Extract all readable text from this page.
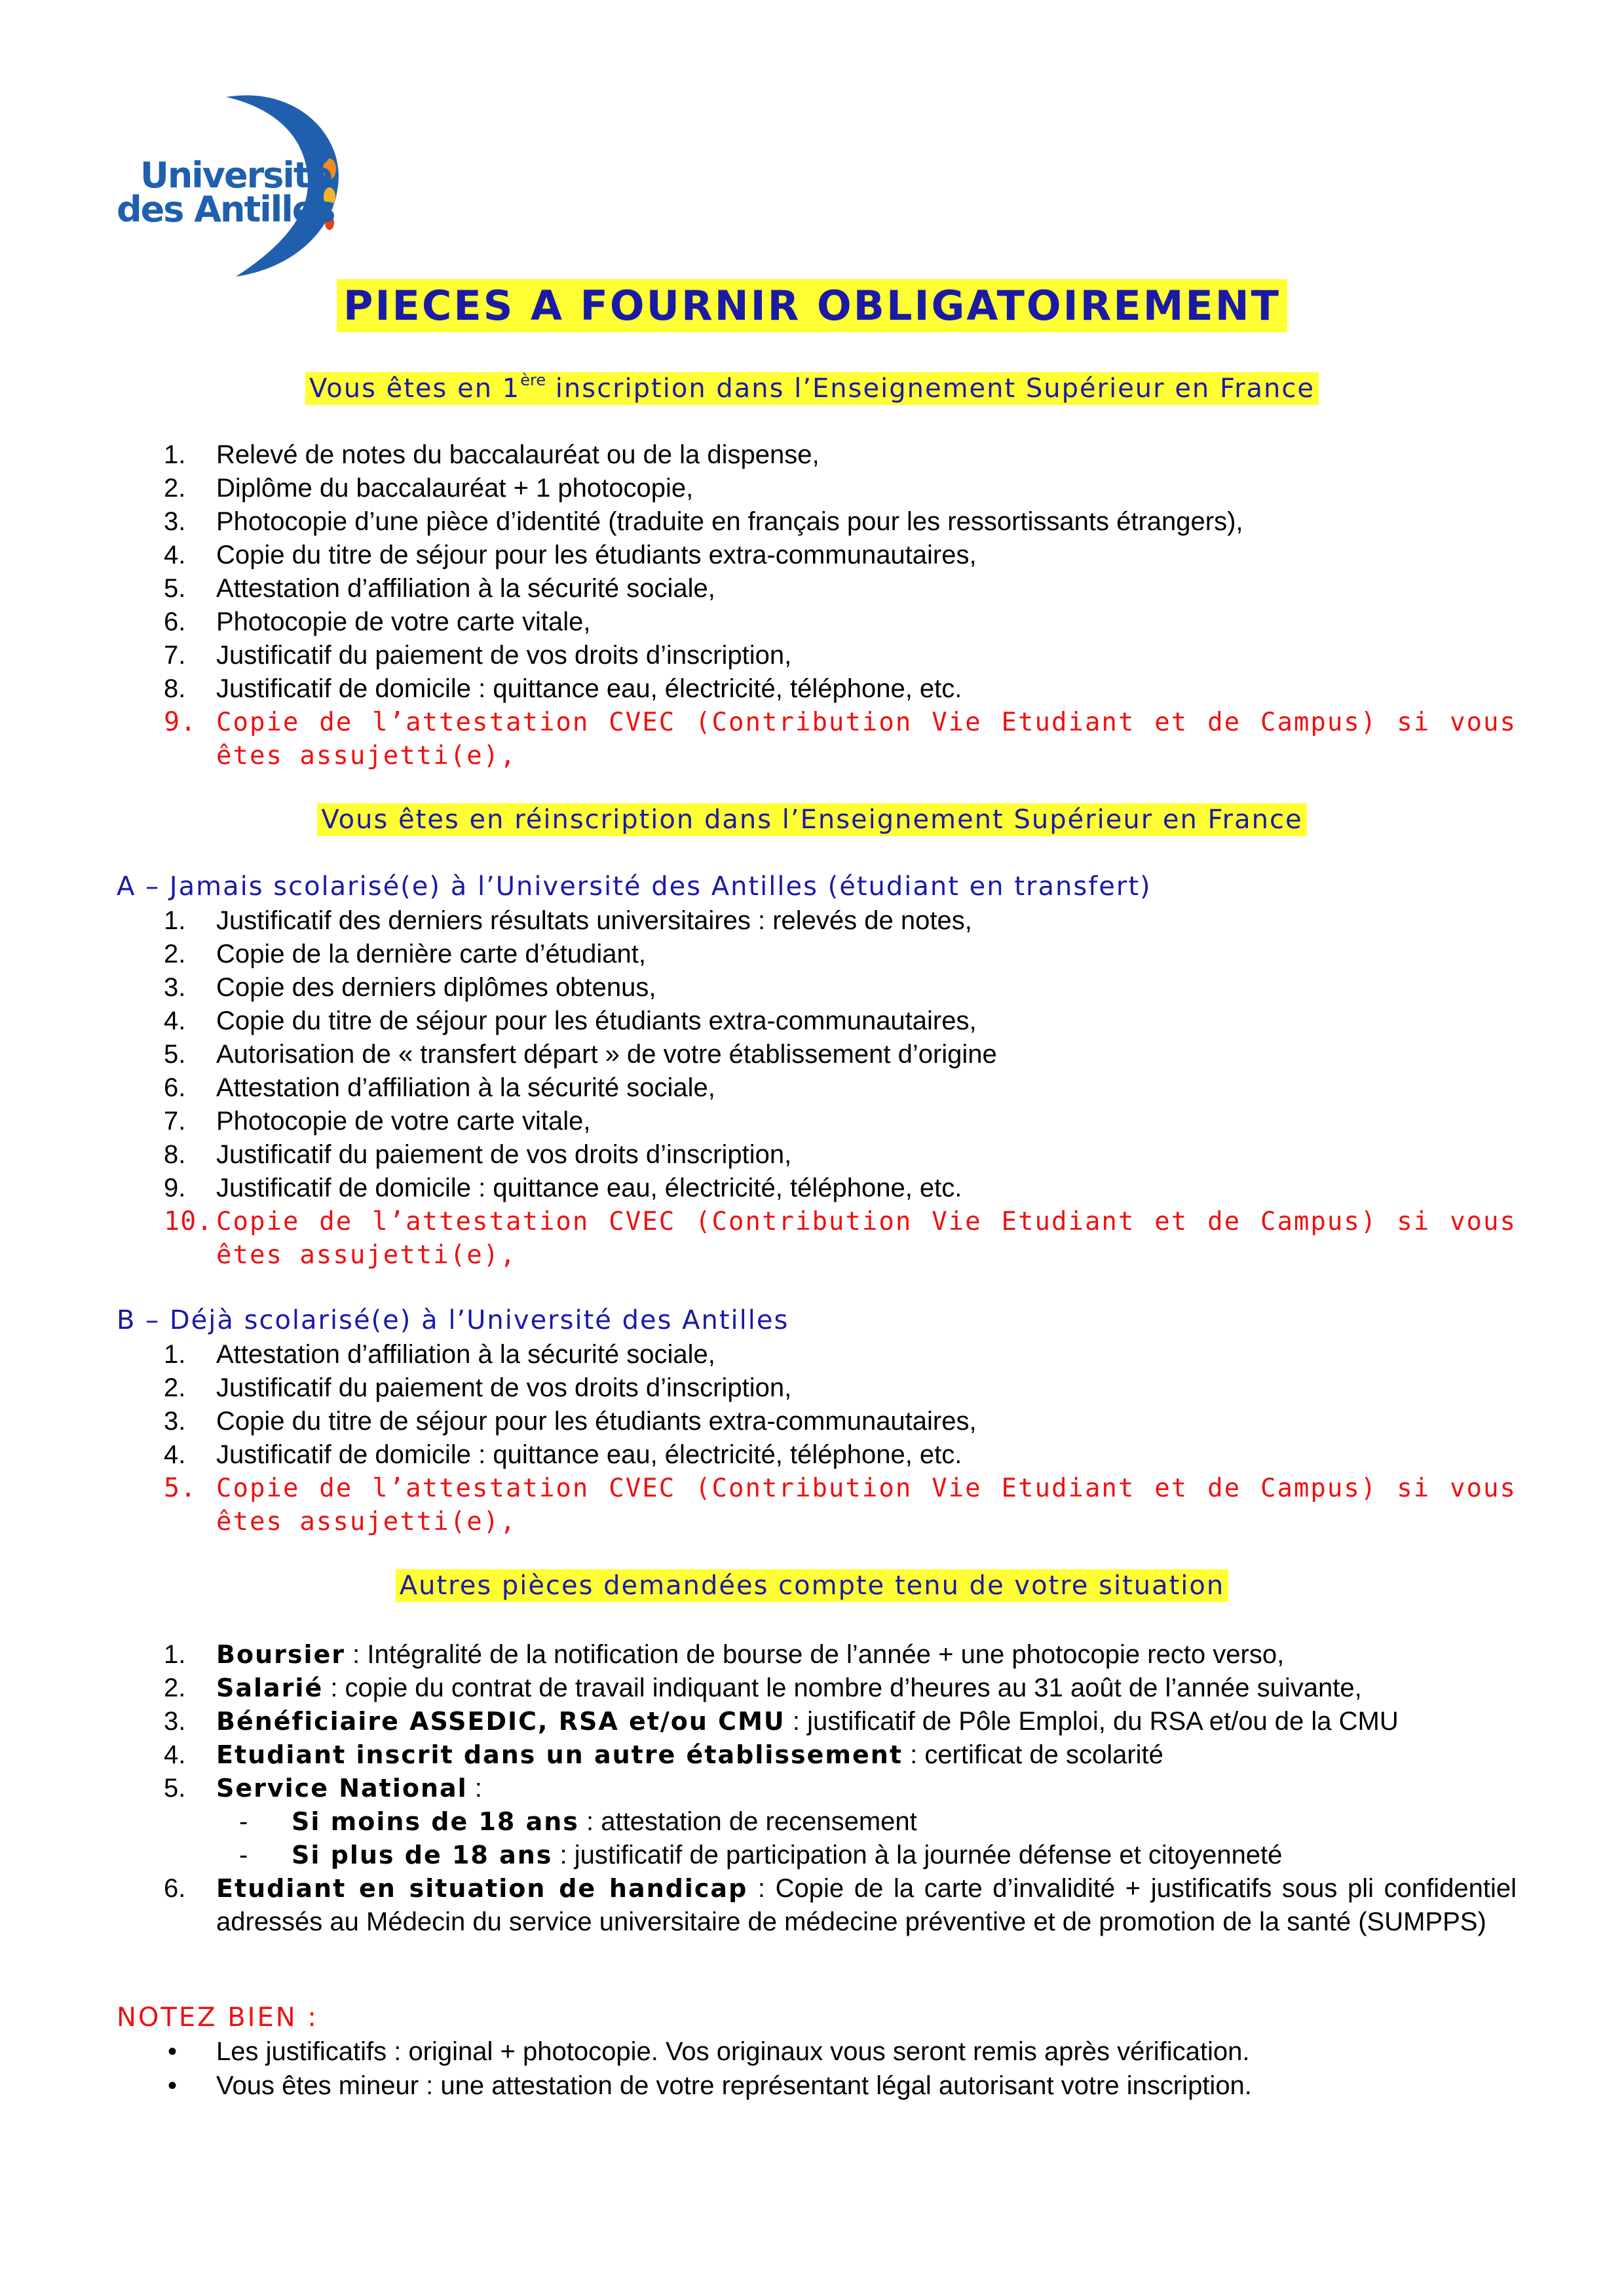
Université
des Antilles
PIECES A FOURNIR OBLIGATOIREMENT
Vous êtes en 1ère inscription dans l’Enseignement Supérieur en France
1.	Relevé de notes du baccalauréat ou de la dispense,
2.	Diplôme du baccalauréat + 1 photocopie,
3.	Photocopie d’une pièce d’identité (traduite en français pour les ressortissants étrangers),
4.	Copie du titre de séjour pour les étudiants extra-communautaires,
5.	Attestation d’affiliation à la sécurité sociale,
6.	Photocopie de votre carte vitale,
7.	Justificatif du paiement de vos droits d’inscription,
8.	Justificatif de domicile : quittance eau, électricité, téléphone, etc.
9. Copie de l’attestation CVEC (Contribution Vie Etudiant et de Campus) si vous êtes assujetti(e),
Vous êtes en réinscription dans l’Enseignement Supérieur en France
A – Jamais scolarisé(e) à l’Université des Antilles (étudiant en transfert)
1.	Justificatif des derniers résultats universitaires : relevés de notes,
2.	Copie de la dernière carte d’étudiant,
3.	Copie des derniers diplômes obtenus,
4.	Copie du titre de séjour pour les étudiants extra-communautaires,
5.	Autorisation de « transfert départ » de votre établissement d’origine
6.	Attestation d’affiliation à la sécurité sociale,
7.	Photocopie de votre carte vitale,
8.	Justificatif du paiement de vos droits d’inscription,
9.	Justificatif de domicile : quittance eau, électricité, téléphone, etc.
10. Copie de l’attestation CVEC (Contribution Vie Etudiant et de Campus) si vous êtes assujetti(e),
B – Déjà scolarisé(e) à l’Université des Antilles
1.	Attestation d’affiliation à la sécurité sociale,
2.	Justificatif du paiement de vos droits d’inscription,
3.	Copie du titre de séjour pour les étudiants extra-communautaires,
4.	Justificatif de domicile : quittance eau, électricité, téléphone, etc.
5. Copie de l’attestation CVEC (Contribution Vie Etudiant et de Campus) si vous êtes assujetti(e),
Autres pièces demandées compte tenu de votre situation
1.	Boursier : Intégralité de la notification de bourse de l’année + une photocopie recto verso,
2.	Salarié : copie du contrat de travail indiquant le nombre d’heures au 31 août de l’année suivante,
3.	Bénéficiaire ASSEDIC, RSA et/ou CMU : justificatif de Pôle Emploi, du RSA et/ou de la CMU
4.	Etudiant inscrit dans un autre établissement : certificat de scolarité
5.	Service National :
- Si moins de 18 ans : attestation de recensement
- Si plus de 18 ans : justificatif de participation à la journée défense et citoyenneté
6.	Etudiant en situation de handicap : Copie de la carte d’invalidité + justificatifs sous pli confidentiel adressés au Médecin du service universitaire de médecine préventive et de promotion de la santé (SUMPPS)
NOTEZ BIEN :
• Les justificatifs : original + photocopie. Vos originaux vous seront remis après vérification.
• Vous êtes mineur : une attestation de votre représentant légal autorisant votre inscription.
